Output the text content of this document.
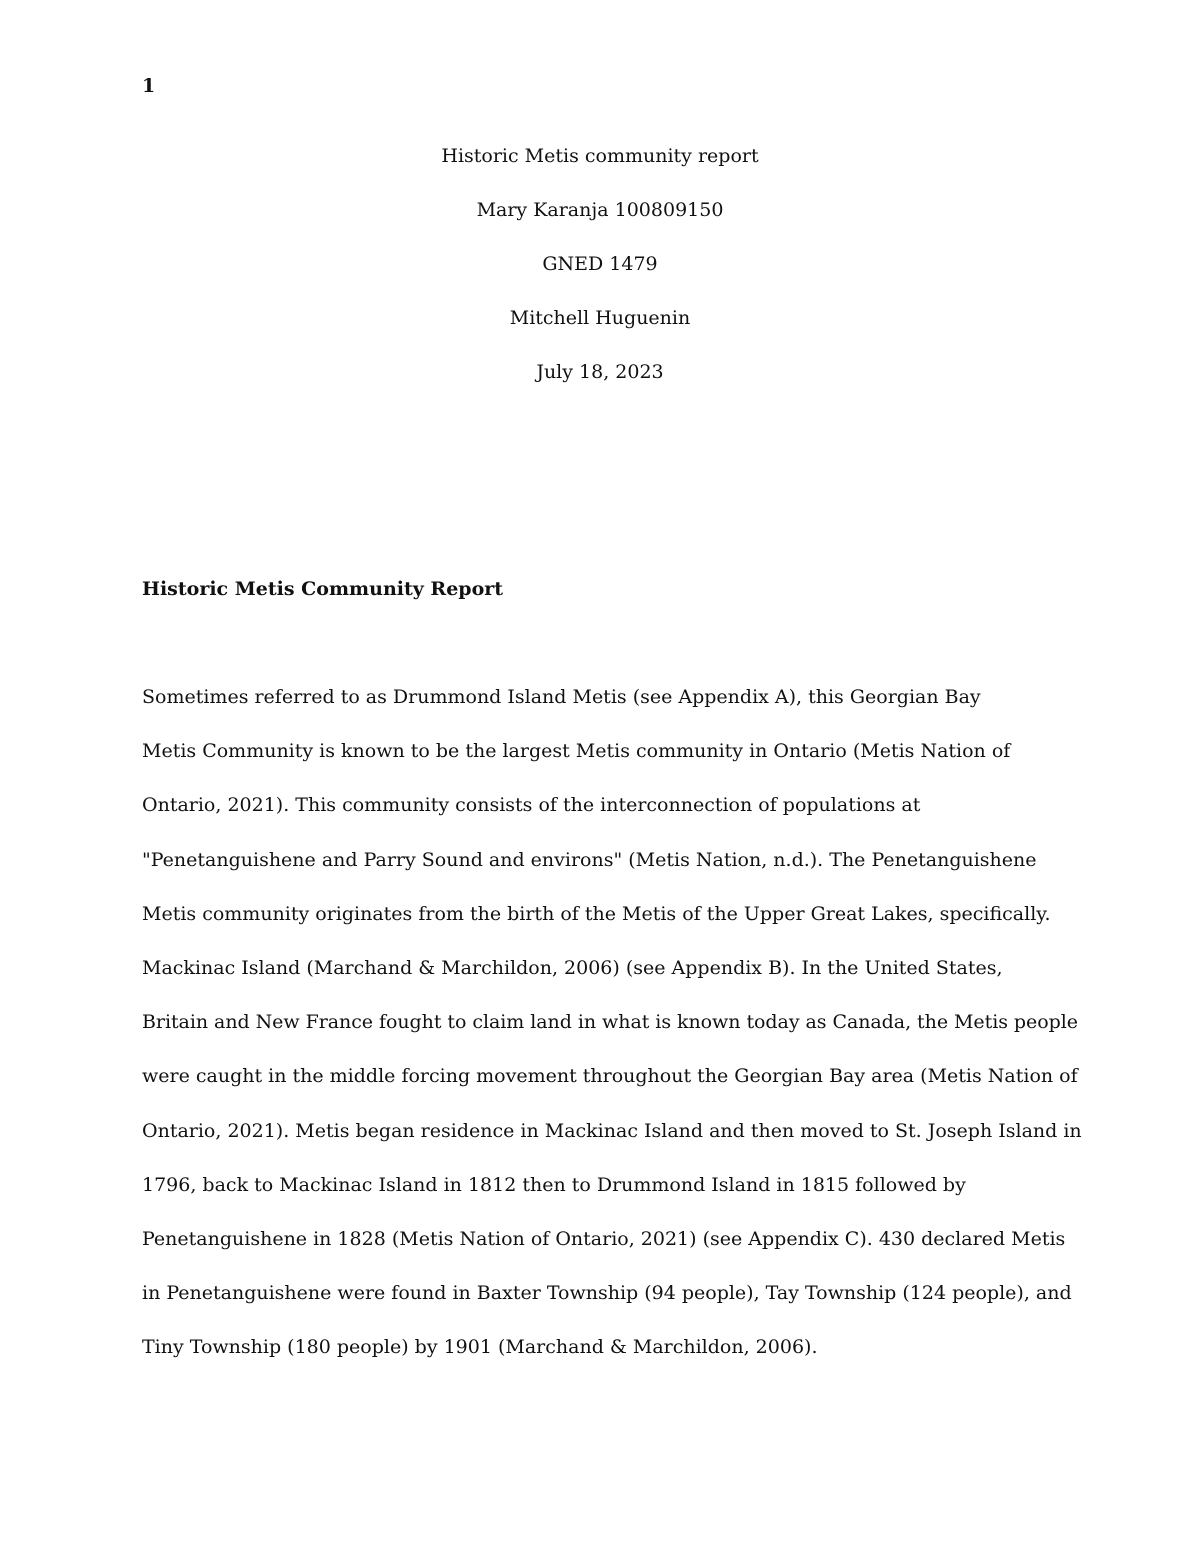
1
Historic Metis community report
Mary Karanja 100809150
GNED 1479
Mitchell Huguenin
July 18, 2023
Historic Metis Community Report
Sometimes referred to as Drummond Island Metis (see Appendix A), this Georgian Bay
Metis Community is known to be the largest Metis community in Ontario (Metis Nation of
Ontario, 2021). This community consists of the interconnection of populations at
"Penetanguishene and Parry Sound and environs" (Metis Nation, n.d.). The Penetanguishene
Metis community originates from the birth of the Metis of the Upper Great Lakes, specifically.
Mackinac Island (Marchand & Marchildon, 2006) (see Appendix B). In the United States,
Britain and New France fought to claim land in what is known today as Canada, the Metis people
were caught in the middle forcing movement throughout the Georgian Bay area (Metis Nation of
Ontario, 2021). Metis began residence in Mackinac Island and then moved to St. Joseph Island in
1796, back to Mackinac Island in 1812 then to Drummond Island in 1815 followed by
Penetanguishene in 1828 (Metis Nation of Ontario, 2021) (see Appendix C). 430 declared Metis
in Penetanguishene were found in Baxter Township (94 people), Tay Township (124 people), and
Tiny Township (180 people) by 1901 (Marchand & Marchildon, 2006).
